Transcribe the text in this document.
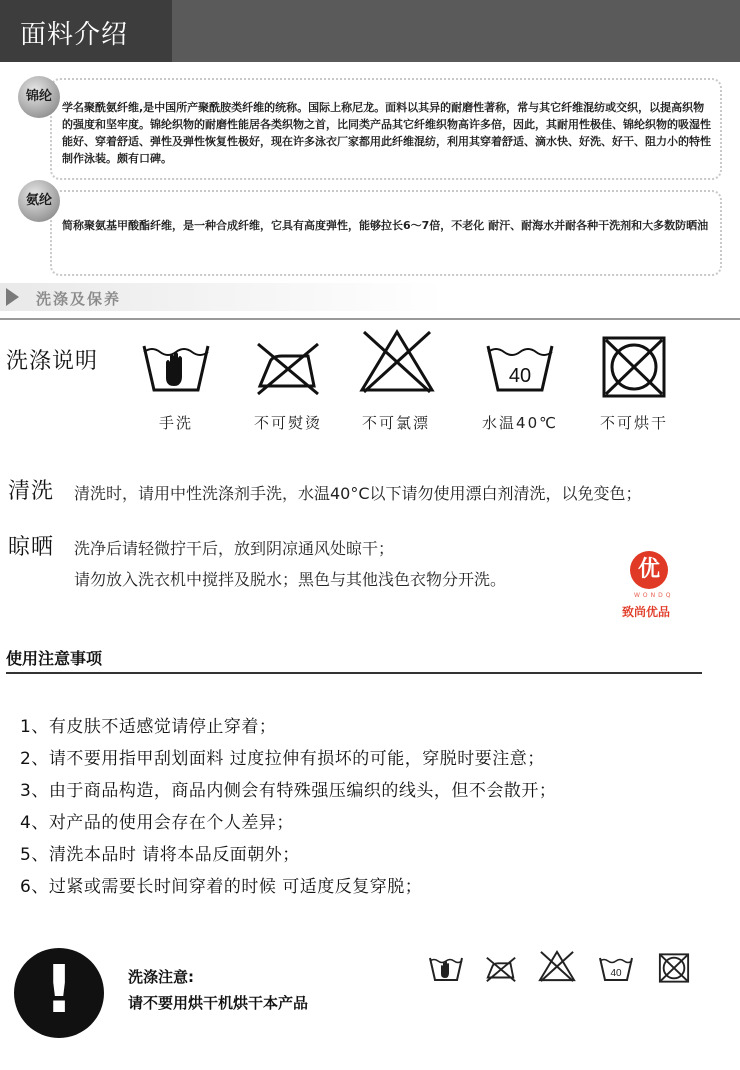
面料介绍
锦纶
学名聚酰氨纤维,是中国所产聚酰胺类纤维的统称。国际上称尼龙。面料以其异的耐磨性著称，常与其它纤维混纺或交织，以提高织物的强度和坚牢度。锦纶织物的耐磨性能居各类织物之首，比同类产品其它纤维织物高许多倍，因此，其耐用性极佳、锦纶织物的吸湿性能好、穿着舒适、弹性及弹性恢复性极好，现在许多泳衣厂家都用此纤维混纺，利用其穿着舒适、滴水快、好洗、好干、阻力小的特性制作泳装。颇有口碑。
氨纶
简称聚氨基甲酸酯纤维，是一种合成纤维，它具有高度弹性，能够拉长6～7倍，不老化 耐汗、耐海水并耐各种干洗剂和大多数防晒油
洗涤及保养
洗涤说明
40
手洗	不可熨烫	不可氯漂	水温40℃	不可烘干
清洗 清洗时，请用中性洗涤剂手洗，水温40°C以下请勿使用漂白剂清洗，以免变色；
晾晒 洗净后请轻微拧干后，放到阴凉通风处晾干；
请勿放入洗衣机中搅拌及脱水；黑色与其他浅色衣物分开洗。	优
WONDQ
致尚优品
使用注意事项
1、有皮肤不适感觉请停止穿着；
2、请不要用指甲刮划面料 过度拉伸有损坏的可能，穿脱时要注意；
3、由于商品构造，商品内侧会有特殊强压编织的线头，但不会散开；
4、对产品的使用会存在个人差异；
5、清洗本品时 请将本品反面朝外；
6、过紧或需要长时间穿着的时候 可适度反复穿脱；
!	洗涤注意:
请不要用烘干机烘干本产品
40
